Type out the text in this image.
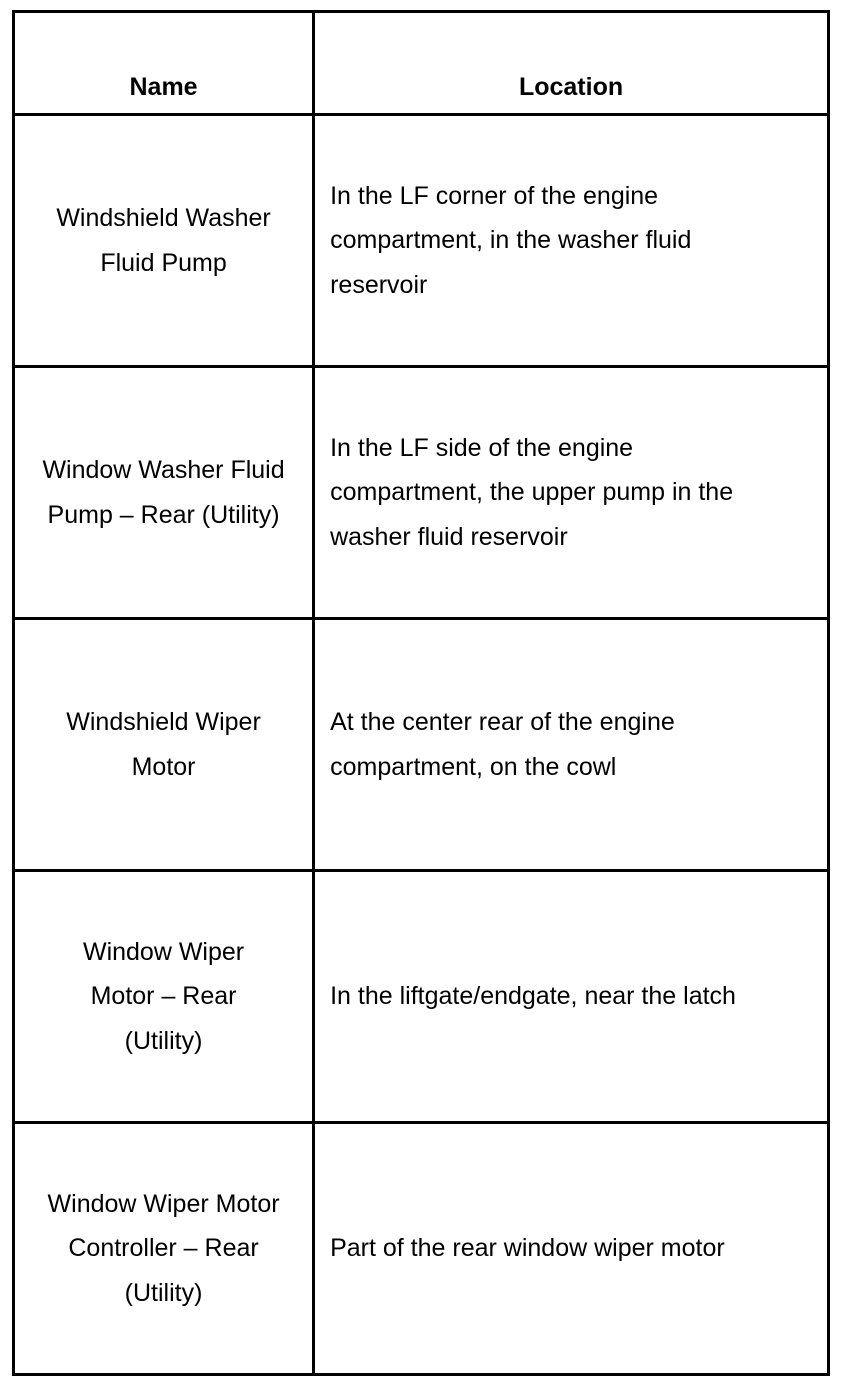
Name	Location

Windshield Washer Fluid Pump	In the LF corner of the engine compartment, in the washer fluid reservoir

Window Washer Fluid Pump – Rear (Utility)	In the LF side of the engine compartment, the upper pump in the washer fluid reservoir

Windshield Wiper Motor	At the center rear of the engine compartment, on the cowl

Window Wiper Motor – Rear (Utility)	In the liftgate/endgate, near the latch

Window Wiper Motor Controller – Rear (Utility)	Part of the rear window wiper motor
